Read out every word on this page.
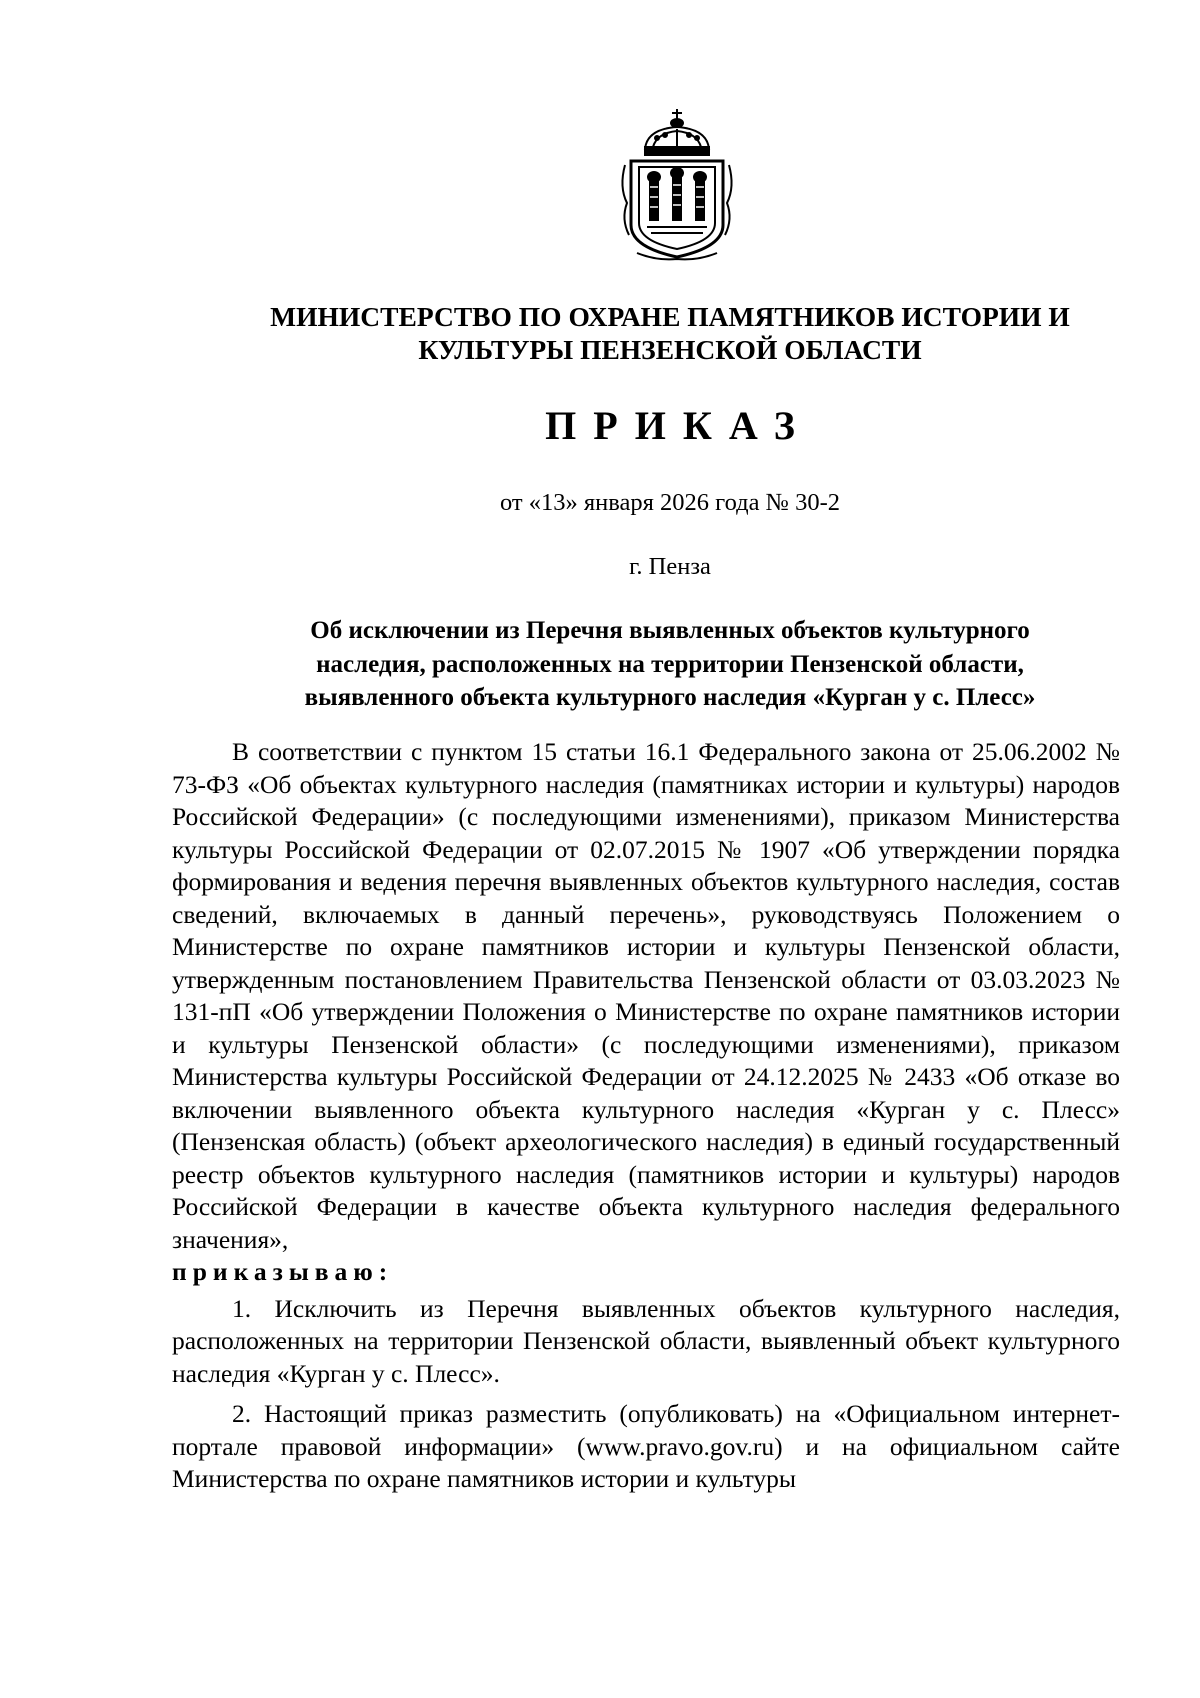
МИНИСТЕРСТВО ПО ОХРАНЕ ПАМЯТНИКОВ ИСТОРИИ И
КУЛЬТУРЫ ПЕНЗЕНСКОЙ ОБЛАСТИ
ПРИКАЗ
от «13» января 2026 года № 30-2
г. Пенза
Об исключении из Перечня выявленных объектов культурного
наследия, расположенных на территории Пензенской области,
выявленного объекта культурного наследия «Курган у с. Плесс»

В соответствии с пунктом 15 статьи 16.1 Федерального закона от 25.06.2002 № 73-ФЗ «Об объектах культурного наследия (памятниках истории и культуры) народов Российской Федерации» (с последующими изменениями), приказом Министерства культуры Российской Федерации от 02.07.2015 № 1907 «Об утверждении порядка формирования и ведения перечня выявленных объектов культурного наследия, состав сведений, включаемых в данный перечень», руководствуясь Положением о Министерстве по охране памятников истории и культуры Пензенской области, утвержденным постановлением Правительства Пензенской области от 03.03.2023 № 131-пП «Об утверждении Положения о Министерстве по охране памятников истории и культуры Пензенской области» (с последующими изменениями), приказом Министерства культуры Российской Федерации от 24.12.2025 № 2433 «Об отказе во включении выявленного объекта культурного наследия «Курган у с. Плесс» (Пензенская область) (объект археологического наследия) в единый государственный реестр объектов культурного наследия (памятников истории и культуры) народов Российской Федерации в качестве объекта культурного наследия федерального значения»,

приказываю:

1. Исключить из Перечня выявленных объектов культурного наследия, расположенных на территории Пензенской области, выявленный объект культурного наследия «Курган у с. Плесс».

2. Настоящий приказ разместить (опубликовать) на «Официальном интернет-портале правовой информации» (www.pravo.gov.ru) и на официальном сайте Министерства по охране памятников истории и культуры
